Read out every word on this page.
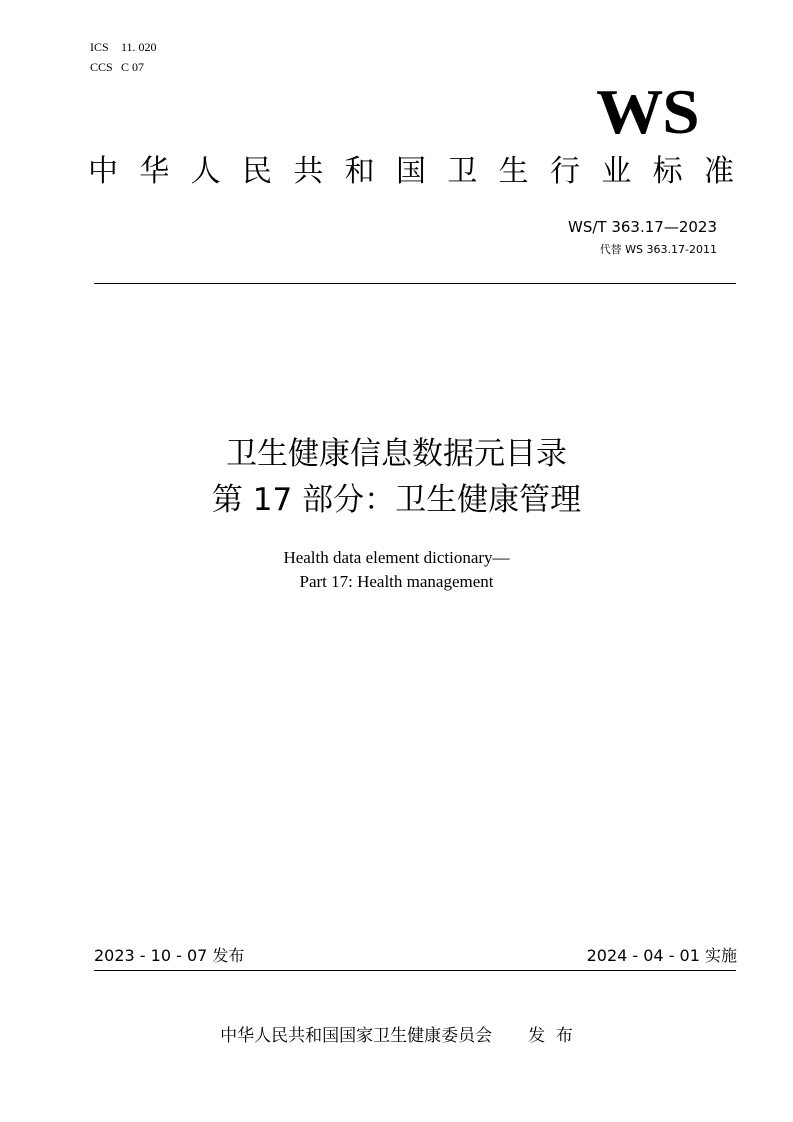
ICS 11. 020
CCS C 07
WS
中 华 人 民 共 和 国 卫 生 行 业 标 准
WS/T 363.17—2023
代替 WS 363.17-2011
卫生健康信息数据元目录
第 17 部分：卫生健康管理
Health data element dictionary—
Part 17: Health management
2023 - 10 - 07 发布	2024 - 04 - 01 实施
中华人民共和国国家卫生健康委员会 发  布
